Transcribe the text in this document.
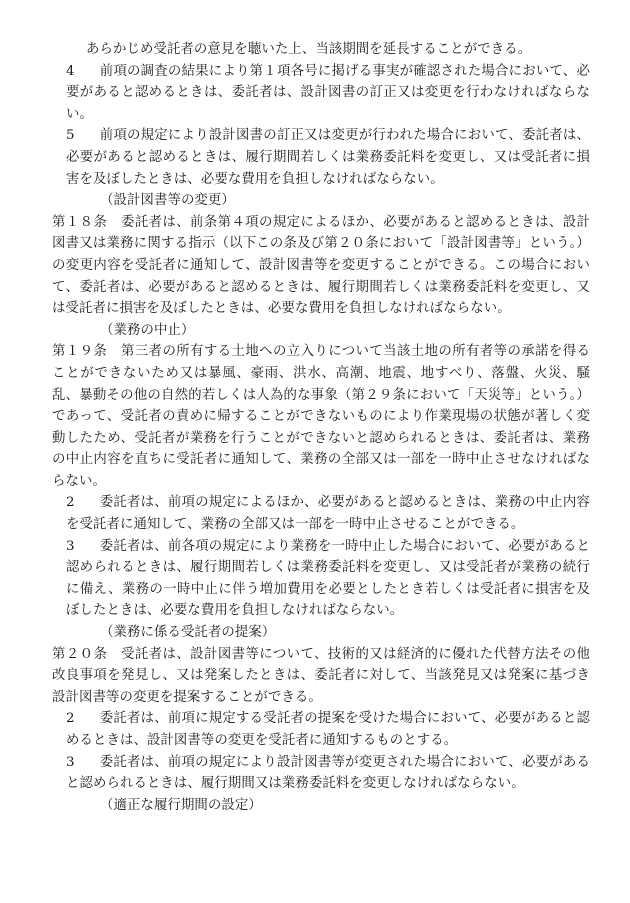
あらかじめ受託者の意見を聴いた上、当該期間を延長することができる。

4　前項の調査の結果により第１項各号に掲げる事実が確認された場合において、必要があると認めるときは、委託者は、設計図書の訂正又は変更を行わなければならない。

5　前項の規定により設計図書の訂正又は変更が行われた場合において、委託者は、必要があると認めるときは、履行期間若しくは業務委託料を変更し、又は受託者に損害を及ぼしたときは、必要な費用を負担しなければならない。

（設計図書等の変更）

第１８条　委託者は、前条第４項の規定によるほか、必要があると認めるときは、設計図書又は業務に関する指示（以下この条及び第２０条において「設計図書等」という。）の変更内容を受託者に通知して、設計図書等を変更することができる。この場合において、委託者は、必要があると認めるときは、履行期間若しくは業務委託料を変更し、又は受託者に損害を及ぼしたときは、必要な費用を負担しなければならない。

（業務の中止）

第１９条　第三者の所有する土地への立入りについて当該土地の所有者等の承諾を得ることができないため又は暴風、豪雨、洪水、高潮、地震、地すべり、落盤、火災、騒乱、暴動その他の自然的若しくは人為的な事象（第２９条において「天災等」という。）であって、受託者の責めに帰することができないものにより作業現場の状態が著しく変動したため、受託者が業務を行うことができないと認められるときは、委託者は、業務の中止内容を直ちに受託者に通知して、業務の全部又は一部を一時中止させなければならない。

2　委託者は、前項の規定によるほか、必要があると認めるときは、業務の中止内容を受託者に通知して、業務の全部又は一部を一時中止させることができる。

3　委託者は、前各項の規定により業務を一時中止した場合において、必要があると認められるときは、履行期間若しくは業務委託料を変更し、又は受託者が業務の続行に備え、業務の一時中止に伴う増加費用を必要としたとき若しくは受託者に損害を及ぼしたときは、必要な費用を負担しなければならない。

（業務に係る受託者の提案）

第２０条　受託者は、設計図書等について、技術的又は経済的に優れた代替方法その他改良事項を発見し、又は発案したときは、委託者に対して、当該発見又は発案に基づき設計図書等の変更を提案することができる。

2　委託者は、前項に規定する受託者の提案を受けた場合において、必要があると認めるときは、設計図書等の変更を受託者に通知するものとする。

3　委託者は、前項の規定により設計図書等が変更された場合において、必要があると認められるときは、履行期間又は業務委託料を変更しなければならない。

（適正な履行期間の設定）
